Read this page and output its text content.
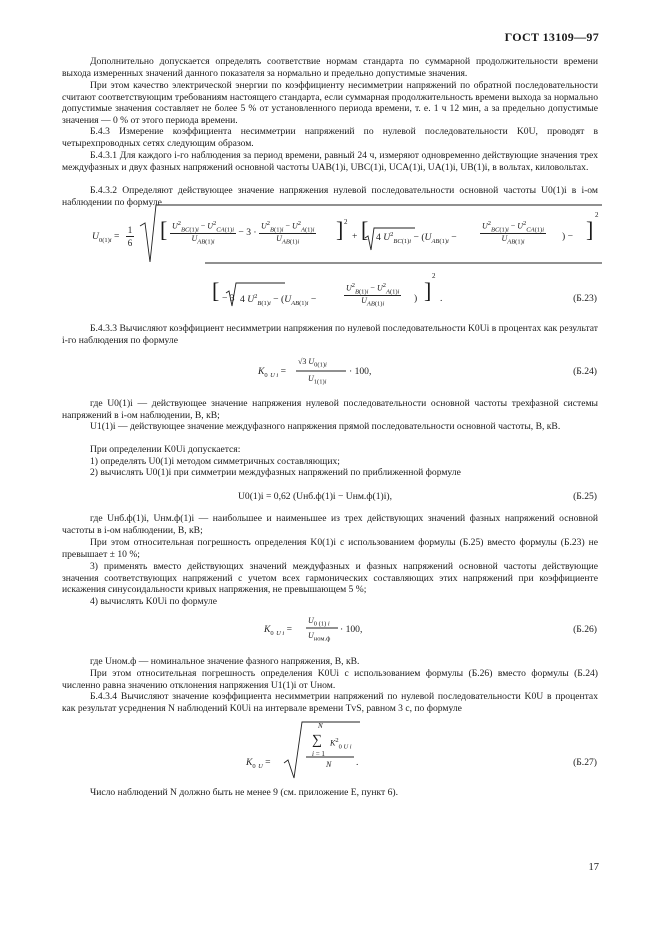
ГОСТ 13109—97
Дополнительно допускается определять соответствие нормам стандарта по суммарной продолжительности времени выхода измеренных значений данного показателя за нормально и предельно допустимые значения.
При этом качество электрической энергии по коэффициенту несимметрии напряжений по обратной последовательности считают соответствующим требованиям настоящего стандарта, если суммарная продолжительность времени выхода за нормально допустимые значения составляет не более 5 % от установленного периода времени, т. е. 1 ч 12 мин, а за предельно допустимые значения — 0 % от этого периода времени.
Б.4.3 Измерение коэффициента несимметрии напряжений по нулевой последовательности K0U, проводят в четырехпроводных сетях следующим образом.
Б.4.3.1 Для каждого i-го наблюдения за период времени, равный 24 ч, измеряют одновременно действующие значения трех междуфазных и двух фазных напряжений основной частоты UAB(1)i, UBC(1)i, UCA(1)i, UA(1)i, UB(1)i, в вольтах, киловольтах.
Б.4.3.2 Определяют действующее значение напряжения нулевой последовательности основной частоты U0(1)i в i-ом наблюдении по формуле
$U_{0(1)i}$ =
1
6
[ $\frac{U^2_{BC(1)i} - U^2_{CA(1)i}}{U_{AB(1)i}} - 3 \cdot \frac{U^2_{B(1)i} - U^2_{A(1)i}}{U_{AB(1)i}}$ ] 2
+ [ 4 $U^2_{BC(1)i} - (U_{AB(1)i}$ −	$\frac{U^2_{BC(1)i} - U^2_{CA(1)i}}{U_{AB(1)i}}$ ) − ]
2
[ − 3 4 $U^2_{B(1)i} - (U_{AB(1)i}$ −	$\frac{U^2_{B(1)i} - U^2_{A(1)i}}{U_{AB(1)i}}$ ) ]
2
.	(Б.23)
Б.4.3.3 Вычисляют коэффициент несимметрии напряжения по нулевой последовательности K0Ui в процентах как результат i-го наблюдения по формуле
$K_0$ $_{U i}$ =
√3 $U_{0(1)i}$
$U_{1(1)i}$
· 100,	(Б.24)
где U0(1)i — действующее значение напряжения нулевой последовательности основной частоты трехфазной системы напряжений в i-ом наблюдении, В, кВ;
U1(1)i — действующее значение междуфазного напряжения прямой последовательности основной частоты, В, кВ.
При определении K0Ui допускается:
1) определять U0(1)i методом симметричных составляющих;
2) вычислять U0(1)i при симметрии междуфазных напряжений по приближенной формуле
U0(1)i = 0,62 (Uнб.ф(1)i − Uнм.ф(1)i),	(Б.25)
где Uнб.ф(1)i, Uнм.ф(1)i — наибольшее и наименьшее из трех действующих значений фазных напряжений основной частоты в i-ом наблюдении, В, кВ;
При этом относительная погрешность определения K0(1)i с использованием формулы (Б.25) вместо формулы (Б.23) не превышает ± 10 %;
3) применять вместо действующих значений междуфазных и фазных напряжений основной частоты действующие значения соответствующих напряжений с учетом всех гармонических составляющих этих напряжений при коэффициенте искажения синусоидальности кривых напряжения, не превышающем 5 %;
4) вычислять K0Ui по формуле
$K_0$ $_{U i}$ =
$U_{0 (1) i}$
$U_{ном.ф}$
· 100,	(Б.26)
где Uном.ф — номинальное значение фазного напряжения, В, кВ.
При этом относительная погрешность определения K0Ui с использованием формулы (Б.26) вместо формулы (Б.24) численно равна значению отклонения напряжения U1(1)i от Uном.
Б.4.3.4 Вычисляют значение коэффициента несимметрии напряжений по нулевой последовательности K0U в процентах как результат усреднения N наблюдений K0Ui на интервале времени TvS, равном 3 с, по формуле
$K_0$ $_U$ =
N
∑ $K^2_{0 U i}$
i = 1
N	.	(Б.27)
Число наблюдений N должно быть не менее 9 (см. приложение Е, пункт 6).
17
